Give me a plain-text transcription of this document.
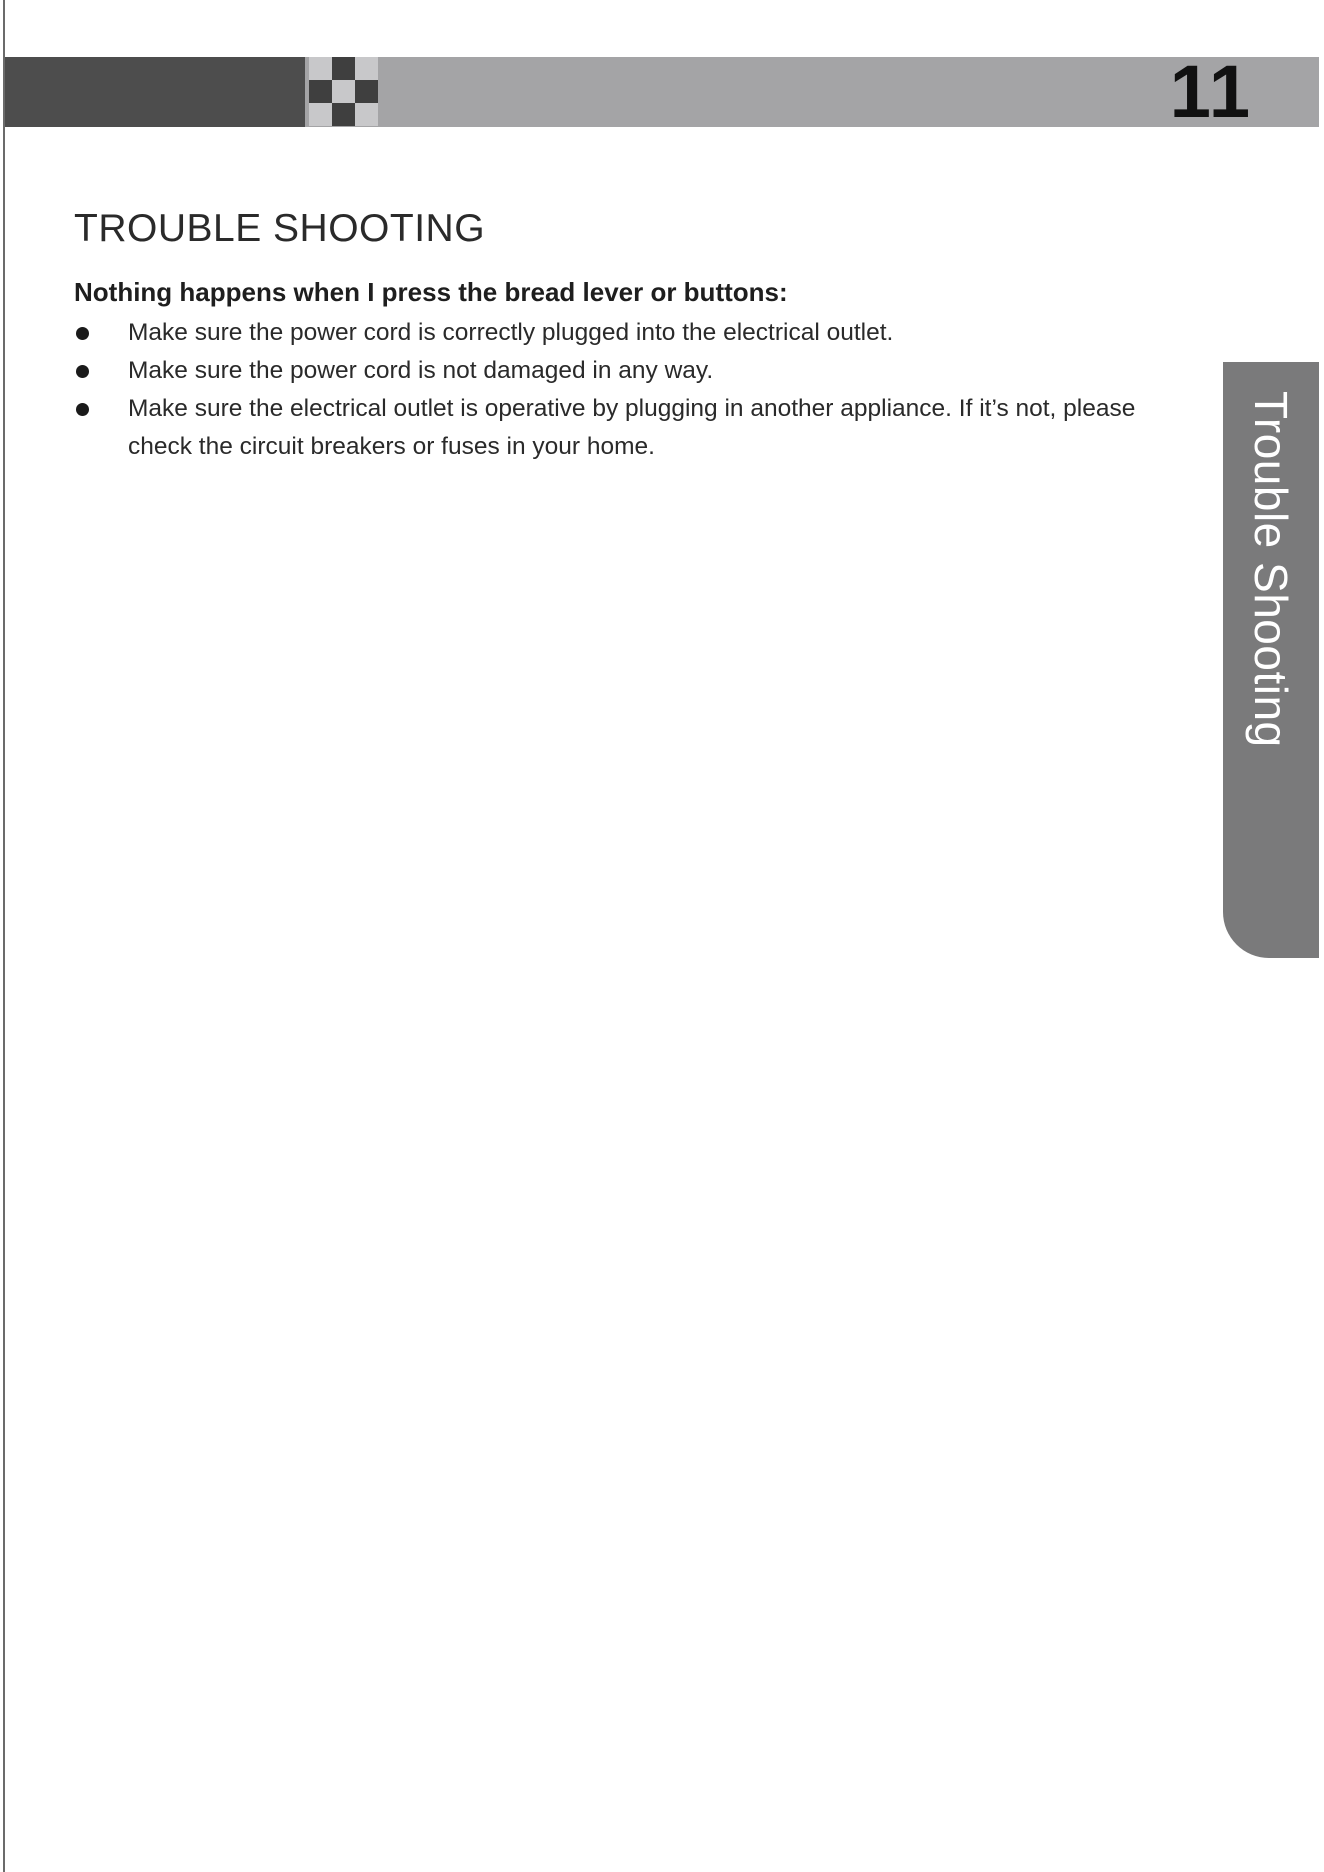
11
TROUBLE SHOOTING
Nothing happens when I press the bread lever or buttons:
Make sure the power cord is correctly plugged into the electrical outlet.
Make sure the power cord is not damaged in any way.
Make sure the electrical outlet is operative by plugging in another appliance. If it’s not, please check the circuit breakers or fuses in your home.	Trouble Shooting
